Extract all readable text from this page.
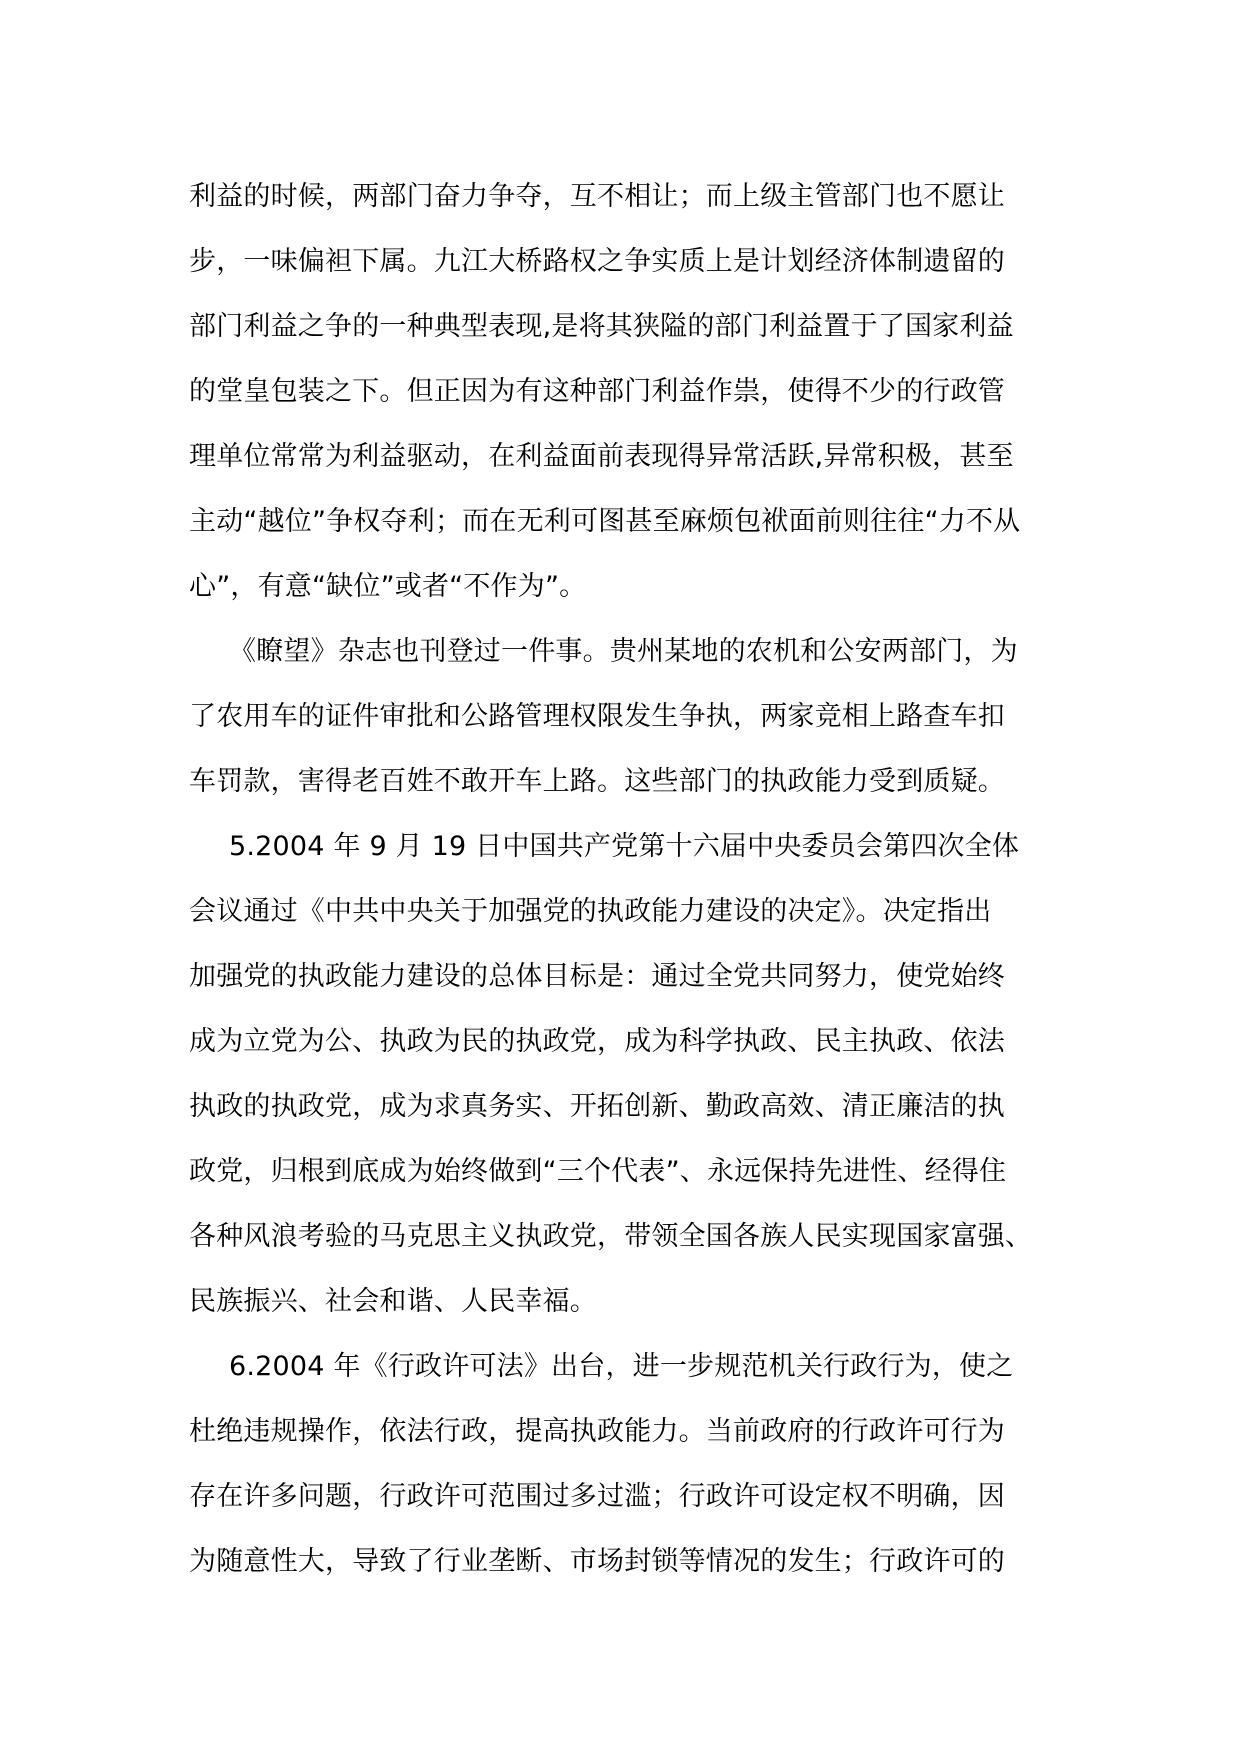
利益的时候，两部门奋力争夺，互不相让；而上级主管部门也不愿让
步，一味偏袒下属。九江大桥路权之争实质上是计划经济体制遗留的
部门利益之争的一种典型表现,是将其狭隘的部门利益置于了国家利益
的堂皇包装之下。但正因为有这种部门利益作祟，使得不少的行政管
理单位常常为利益驱动，在利益面前表现得异常活跃,异常积极，甚至
主动“越位”争权夺利；而在无利可图甚至麻烦包袱面前则往往“力不从
心”，有意“缺位”或者“不作为”。
《瞭望》杂志也刊登过一件事。贵州某地的农机和公安两部门，为
了农用车的证件审批和公路管理权限发生争执，两家竞相上路查车扣
车罚款，害得老百姓不敢开车上路。这些部门的执政能力受到质疑。
5.2004 年 9 月 19 日中国共产党第十六届中央委员会第四次全体
会议通过《中共中央关于加强党的执政能力建设的决定》。决定指出
加强党的执政能力建设的总体目标是：通过全党共同努力，使党始终
成为立党为公、执政为民的执政党，成为科学执政、民主执政、依法
执政的执政党，成为求真务实、开拓创新、勤政高效、清正廉洁的执
政党，归根到底成为始终做到“三个代表”、永远保持先进性、经得住
各种风浪考验的马克思主义执政党，带领全国各族人民实现国家富强、
民族振兴、社会和谐、人民幸福。
6.2004 年《行政许可法》出台，进一步规范机关行政行为，使之
杜绝违规操作，依法行政，提高执政能力。当前政府的行政许可行为
存在许多问题，行政许可范围过多过滥；行政许可设定权不明确，因
为随意性大，导致了行业垄断、市场封锁等情况的发生；行政许可的
